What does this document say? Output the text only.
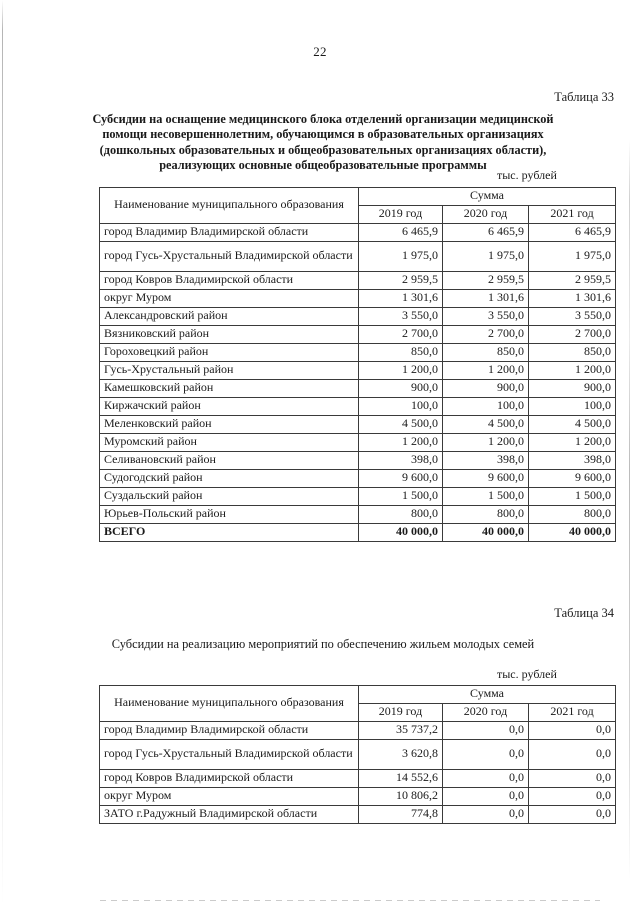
22
Таблица 33
Субсидии на оснащение медицинского блока отделений организации медицинской помощи несовершеннолетним, обучающимся в образовательных организациях (дошкольных образовательных и общеобразовательных организациях области), реализующих основные общеобразовательные программы
тыс. рублей
Наименование муниципального образования	Сумма		
	2019 год	2020 год	2021 год
город Владимир Владимирской области	6 465,9	6 465,9	6 465,9
город Гусь-Хрустальный Владимирской области	1 975,0	1 975,0	1 975,0
город Ковров Владимирской области	2 959,5	2 959,5	2 959,5
округ Муром	1 301,6	1 301,6	1 301,6
Александровский район	3 550,0	3 550,0	3 550,0
Вязниковский район	2 700,0	2 700,0	2 700,0
Гороховецкий район	850,0	850,0	850,0
Гусь-Хрустальный район	1 200,0	1 200,0	1 200,0
Камешковский район	900,0	900,0	900,0
Киржачский район	100,0	100,0	100,0
Меленковский район	4 500,0	4 500,0	4 500,0
Муромский район	1 200,0	1 200,0	1 200,0
Селивановский район	398,0	398,0	398,0
Судогодский район	9 600,0	9 600,0	9 600,0
Суздальский район	1 500,0	1 500,0	1 500,0
Юрьев-Польский район	800,0	800,0	800,0
ВСЕГО	40 000,0	40 000,0	40 000,0
Таблица 34
Субсидии на реализацию мероприятий по обеспечению жильем молодых семей
тыс. рублей
Наименование муниципального образования	Сумма		
	2019 год	2020 год	2021 год
город Владимир Владимирской области	35 737,2	0,0	0,0
город Гусь-Хрустальный Владимирской области	3 620,8	0,0	0,0
город Ковров Владимирской области	14 552,6	0,0	0,0
округ Муром	10 806,2	0,0	0,0
ЗАТО г.Радужный Владимирской области	774,8	0,0	0,0
